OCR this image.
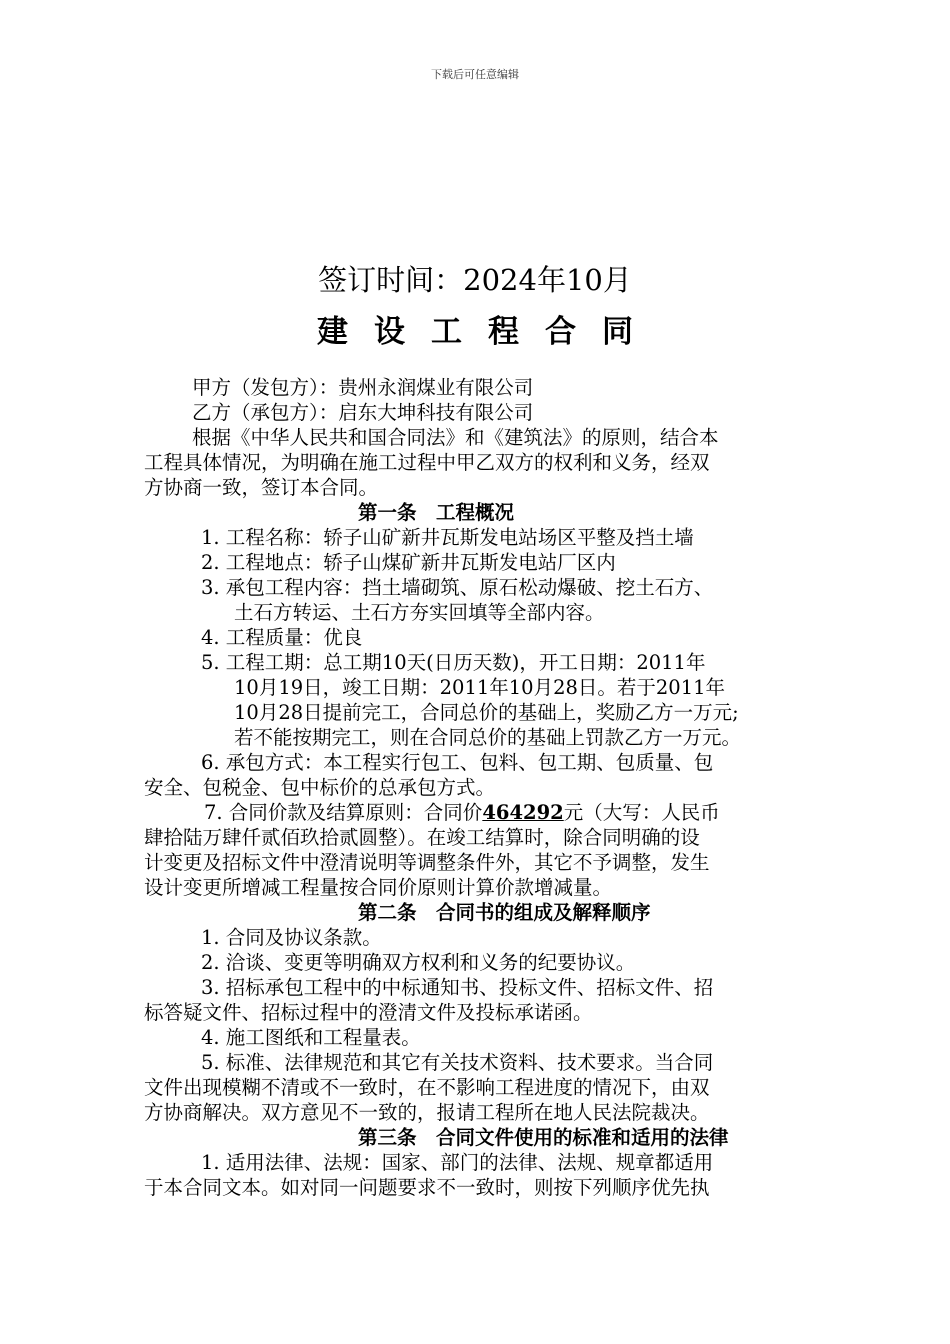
下载后可任意编辑
签订时间：2024年10月
建设工程合同
甲方（发包方）：贵州永润煤业有限公司
乙方（承包方）：启东大坤科技有限公司
根据《中华人民共和国合同法》和《建筑法》的原则，结合本
工程具体情况，为明确在施工过程中甲乙双方的权利和义务，经双
方协商一致，签订本合同。
第一条　工程概况
1. 工程名称：轿子山矿新井瓦斯发电站场区平整及挡土墙
2. 工程地点：轿子山煤矿新井瓦斯发电站厂区内
3. 承包工程内容：挡土墙砌筑、原石松动爆破、挖土石方、
土石方转运、土石方夯实回填等全部内容。
4. 工程质量：优良
5. 工程工期：总工期10天(日历天数)，开工日期：2011年
10月19日，竣工日期：2011年10月28日。若于2011年
10月28日提前完工，合同总价的基础上，奖励乙方一万元;
若不能按期完工，则在合同总价的基础上罚款乙方一万元。
6. 承包方式：本工程实行包工、包料、包工期、包质量、包
安全、包税金、包中标价的总承包方式。
7. 合同价款及结算原则：合同价464292元（大写：人民币
肆拾陆万肆仟贰佰玖拾贰圆整）。在竣工结算时，除合同明确的设
计变更及招标文件中澄清说明等调整条件外，其它不予调整，发生
设计变更所增减工程量按合同价原则计算价款增减量。
第二条　合同书的组成及解释顺序
1. 合同及协议条款。
2. 洽谈、变更等明确双方权利和义务的纪要协议。
3. 招标承包工程中的中标通知书、投标文件、招标文件、招
标答疑文件、招标过程中的澄清文件及投标承诺函。
4. 施工图纸和工程量表。
5. 标准、法律规范和其它有关技术资料、技术要求。当合同
文件出现模糊不清或不一致时，在不影响工程进度的情况下，由双
方协商解决。双方意见不一致的，报请工程所在地人民法院裁决。
第三条　合同文件使用的标准和适用的法律
1. 适用法律、法规：国家、部门的法律、法规、规章都适用
于本合同文本。如对同一问题要求不一致时，则按下列顺序优先执
